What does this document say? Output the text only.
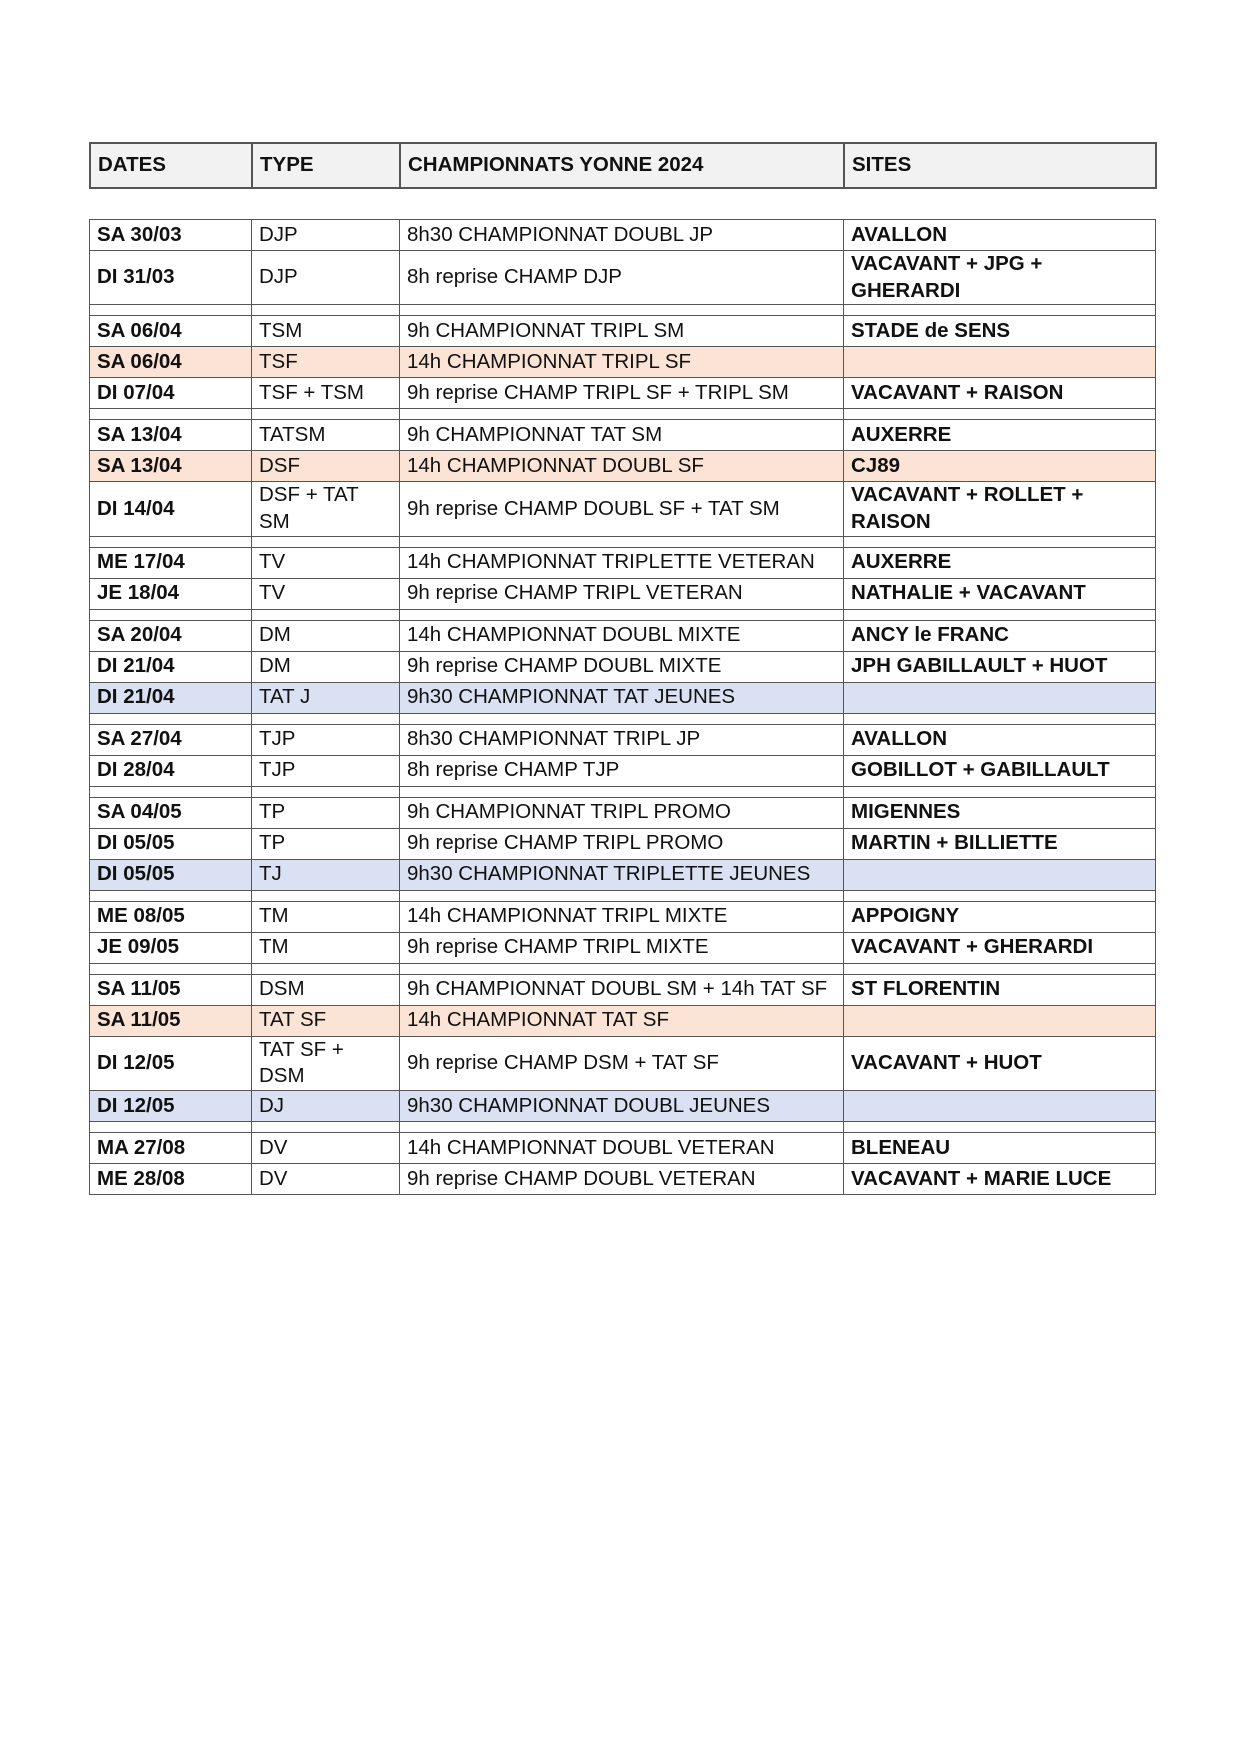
DATES	TYPE	CHAMPIONNATS YONNE 2024	SITES
SA 30/03	DJP	8h30 CHAMPIONNAT DOUBL JP	AVALLON
DI 31/03	DJP	8h reprise CHAMP DJP	VACAVANT + JPG + GHERARDI

SA 06/04	TSM	9h CHAMPIONNAT TRIPL SM	STADE de SENS
SA 06/04	TSF	14h CHAMPIONNAT TRIPL SF	
DI 07/04	TSF + TSM	9h reprise CHAMP TRIPL SF + TRIPL SM	VACAVANT + RAISON

SA 13/04	TATSM	9h CHAMPIONNAT TAT SM	AUXERRE
SA 13/04	DSF	14h CHAMPIONNAT DOUBL SF	CJ89
DI 14/04	DSF + TAT SM	9h reprise CHAMP DOUBL SF + TAT SM	VACAVANT + ROLLET + RAISON

ME 17/04	TV	14h CHAMPIONNAT TRIPLETTE VETERAN	AUXERRE
JE 18/04	TV	9h reprise CHAMP TRIPL VETERAN	NATHALIE + VACAVANT

SA 20/04	DM	14h CHAMPIONNAT DOUBL MIXTE	ANCY le FRANC
DI 21/04	DM	9h reprise CHAMP DOUBL MIXTE	JPH GABILLAULT + HUOT
DI 21/04	TAT J	9h30 CHAMPIONNAT TAT JEUNES	

SA 27/04	TJP	8h30 CHAMPIONNAT TRIPL JP	AVALLON
DI 28/04	TJP	8h reprise CHAMP TJP	GOBILLOT + GABILLAULT

SA 04/05	TP	9h CHAMPIONNAT TRIPL PROMO	MIGENNES
DI 05/05	TP	9h reprise CHAMP TRIPL PROMO	MARTIN + BILLIETTE
DI 05/05	TJ	9h30 CHAMPIONNAT TRIPLETTE JEUNES	

ME 08/05	TM	14h CHAMPIONNAT TRIPL MIXTE	APPOIGNY
JE 09/05	TM	9h reprise CHAMP TRIPL MIXTE	VACAVANT + GHERARDI

SA 11/05	DSM	9h CHAMPIONNAT DOUBL SM + 14h TAT SF	ST FLORENTIN
SA 11/05	TAT SF	14h CHAMPIONNAT TAT SF	
DI 12/05	TAT SF + DSM	9h reprise CHAMP DSM + TAT SF	VACAVANT + HUOT
DI 12/05	DJ	9h30 CHAMPIONNAT DOUBL JEUNES	

MA 27/08	DV	14h CHAMPIONNAT DOUBL VETERAN	BLENEAU
ME 28/08	DV	9h reprise CHAMP DOUBL VETERAN	VACAVANT + MARIE LUCE
